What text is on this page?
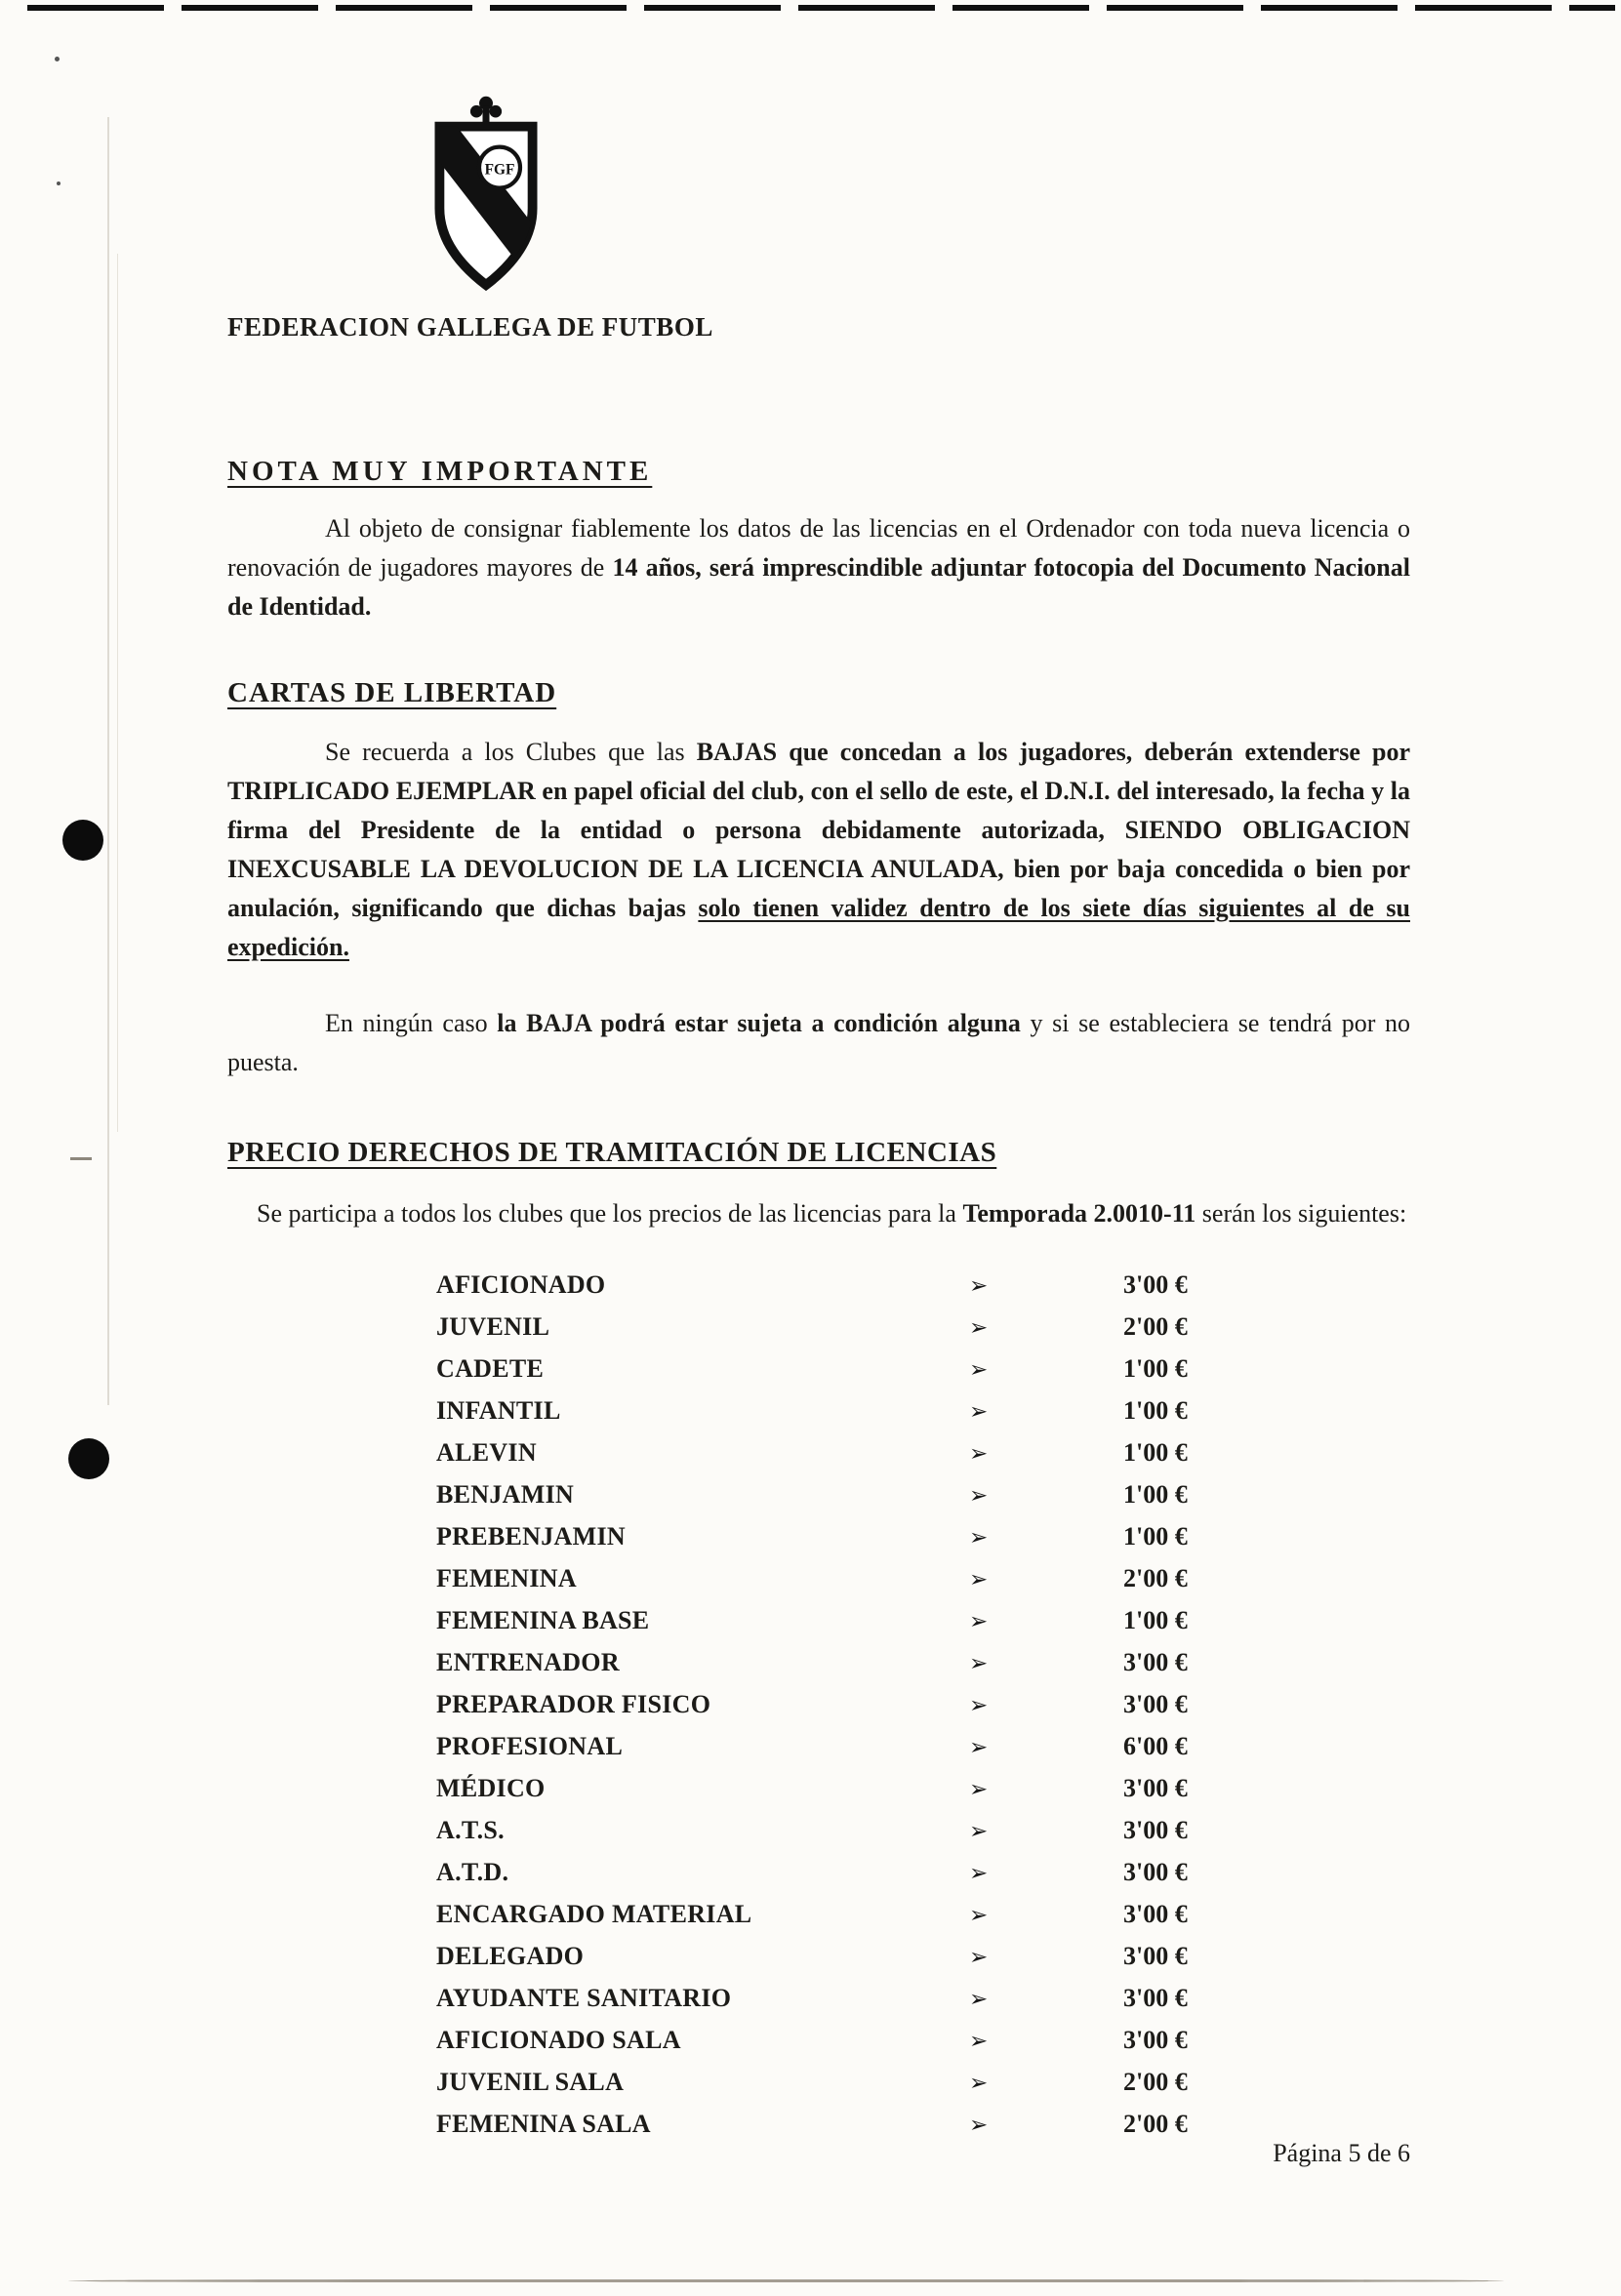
FGF
FEDERACION GALLEGA DE FUTBOL
NOTA MUY IMPORTANTE

Al objeto de consignar fiablemente los datos de las licencias en el Ordenador con toda nueva licencia o renovación de jugadores mayores de 14 años, será imprescindible adjuntar fotocopia del Documento Nacional de Identidad.

CARTAS DE LIBERTAD

Se recuerda a los Clubes que las BAJAS que concedan a los jugadores, deberán extenderse por TRIPLICADO EJEMPLAR en papel oficial del club, con el sello de este, el D.N.I. del interesado, la fecha y la firma del Presidente de la entidad o persona debidamente autorizada, SIENDO OBLIGACION INEXCUSABLE LA DEVOLUCION DE LA LICENCIA ANULADA, bien por baja concedida o bien por anulación, significando que dichas bajas solo tienen validez dentro de los siete días siguientes al de su expedición.

En ningún caso la BAJA podrá estar sujeta a condición alguna y si se estableciera se tendrá por no puesta.

PRECIO DERECHOS DE TRAMITACIÓN DE LICENCIAS

Se participa a todos los clubes que los precios de las licencias para la Temporada 2.0010-11 serán los siguientes:

AFICIONADO	➢	3'00 €
JUVENIL	➢	2'00 €
CADETE	➢	1'00 €
INFANTIL	➢	1'00 €
ALEVIN	➢	1'00 €
BENJAMIN	➢	1'00 €
PREBENJAMIN	➢	1'00 €
FEMENINA	➢	2'00 €
FEMENINA BASE	➢	1'00 €
ENTRENADOR	➢	3'00 €
PREPARADOR FISICO	➢	3'00 €
PROFESIONAL	➢	6'00 €
MÉDICO	➢	3'00 €
A.T.S.	➢	3'00 €
A.T.D.	➢	3'00 €
ENCARGADO MATERIAL	➢	3'00 €
DELEGADO	➢	3'00 €
AYUDANTE SANITARIO	➢	3'00 €
AFICIONADO SALA	➢	3'00 €
JUVENIL SALA	➢	2'00 €
FEMENINA SALA	➢	2'00 €
Página 5 de 6
